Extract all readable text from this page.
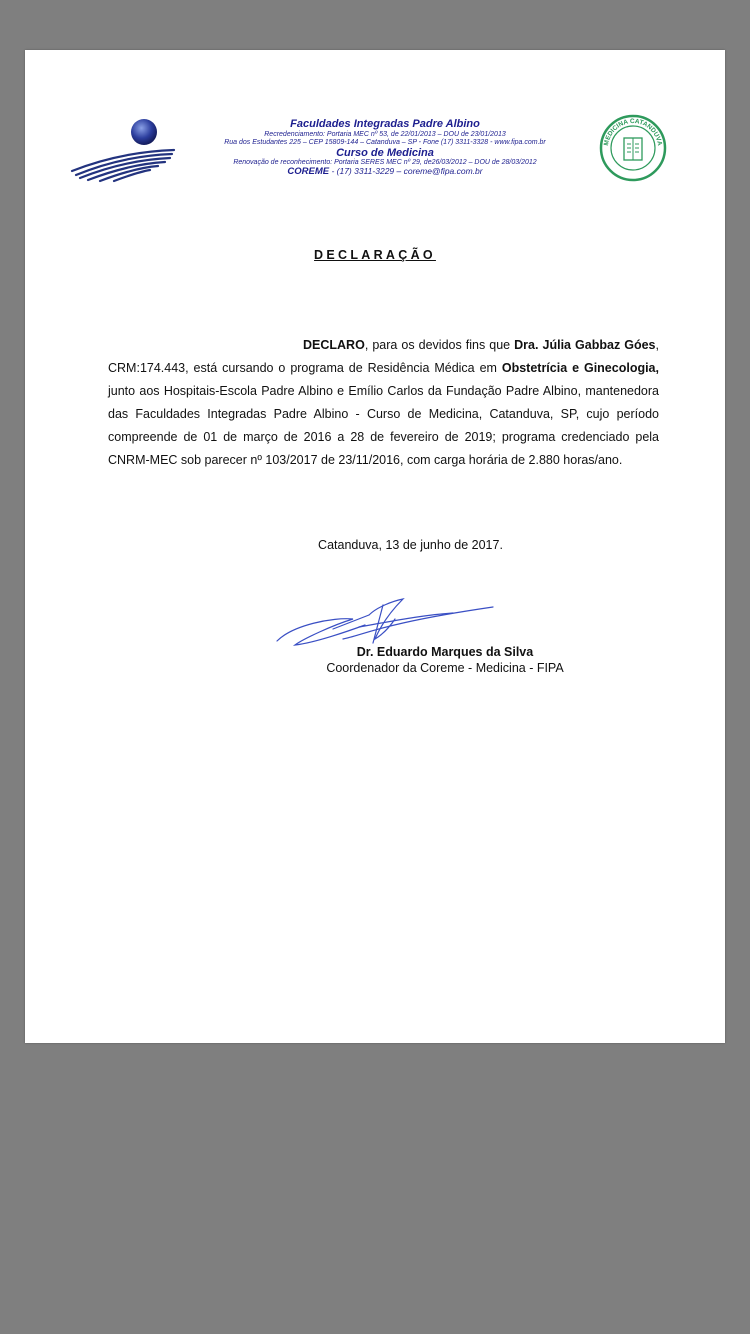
Faculdades Integradas Padre Albino
Recredenciamento: Portaria MEC nº 53, de 22/01/2013 – DOU de 23/01/2013
Rua dos Estudantes 225 – CEP 15809-144 – Catanduva – SP - Fone (17) 3311-3328 - www.fipa.com.br
Curso de Medicina
Renovação de reconhecimento: Portaria SERES MEC nº 29, de26/03/2012 – DOU de 28/03/2012
COREME - (17) 3311-3229 – coreme@fipa.com.br
MEDICINA CATANDUVA
DECLARAÇÃO
DECLARO, para os devidos fins que Dra. Júlia Gabbaz Góes, CRM:174.443, está cursando o programa de Residência Médica em Obstetrícia e Ginecologia, junto aos Hospitais-Escola Padre Albino e Emílio Carlos da Fundação Padre Albino, mantenedora das Faculdades Integradas Padre Albino - Curso de Medicina, Catanduva, SP, cujo período compreende de 01 de março de 2016 a 28 de fevereiro de 2019; programa credenciado pela CNRM-MEC sob parecer nº 103/2017 de 23/11/2016, com carga horária de 2.880 horas/ano.
Catanduva, 13 de junho de 2017.
Dr. Eduardo Marques da Silva
Coordenador da Coreme - Medicina - FIPA
